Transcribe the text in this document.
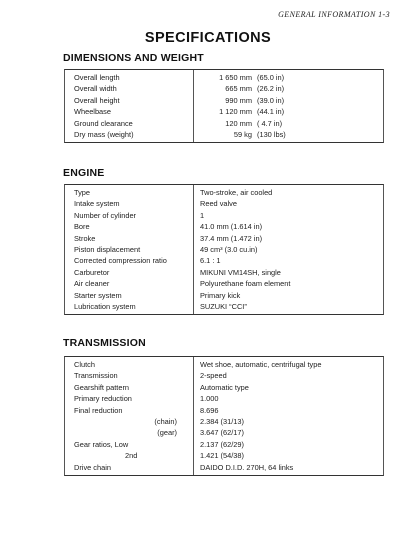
GENERAL INFORMATION 1-3
SPECIFICATIONS
DIMENSIONS AND WEIGHT
Overall length	1 650 mm (65.0 in)
Overall width	665 mm (26.2 in)
Overall height	990 mm (39.0 in)
Wheelbase	1 120 mm (44.1 in)
Ground clearance	120 mm ( 4.7 in)
Dry mass (weight)	59 kg (130 lbs)
ENGINE
Type	Two-stroke, air cooled
Intake system	Reed valve
Number of cylinder	1
Bore	41.0 mm (1.614 in)
Stroke	37.4 mm (1.472 in)
Piston displacement	49 cm³ (3.0 cu.in)
Corrected compression ratio	6.1 : 1
Carburetor	MIKUNI VM14SH, single
Air cleaner	Polyurethane foam element
Starter system	Primary kick
Lubrication system	SUZUKI “CCI”
TRANSMISSION
Clutch	Wet shoe, automatic, centrifugal type
Transmission	2-speed
Gearshift pattern	Automatic type
Primary reduction	1.000
Final reduction	8.696
(chain)	2.384 (31/13)
(gear)	3.647 (62/17)
Gear ratios, Low	2.137 (62/29)
2nd	1.421 (54/38)
Drive chain	DAIDO D.I.D. 270H, 64 links
